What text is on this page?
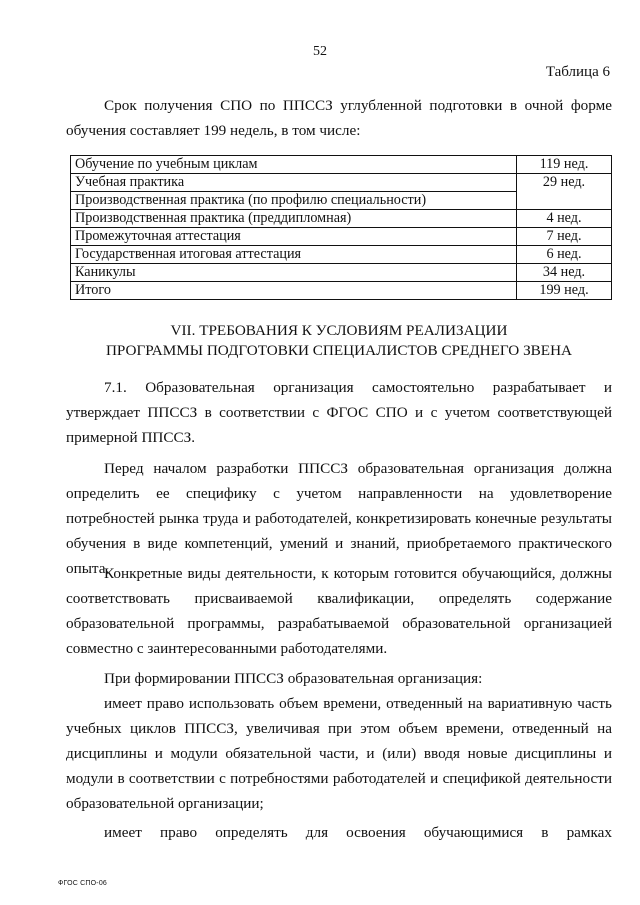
52
Таблица 6

Срок получения СПО по ППССЗ углубленной подготовки в очной форме обучения составляет 199 недель, в том числе:

Обучение по учебным циклам	119 нед.
Учебная практика	29 нед.
Производственная практика (по профилю специальности)	
Производственная практика (преддипломная)	4 нед.
Промежуточная аттестация	7 нед.
Государственная итоговая аттестация	6 нед.
Каникулы	34 нед.
Итого	199 нед.
VII. ТРЕБОВАНИЯ К УСЛОВИЯМ РЕАЛИЗАЦИИ
ПРОГРАММЫ ПОДГОТОВКИ СПЕЦИАЛИСТОВ СРЕДНЕГО ЗВЕНА

7.1. Образовательная организация самостоятельно разрабатывает и утверждает ППССЗ в соответствии с ФГОС СПО и с учетом соответствующей примерной ППССЗ.

Перед началом разработки ППССЗ образовательная организация должна определить ее специфику с учетом направленности на удовлетворение потребностей рынка труда и работодателей, конкретизировать конечные результаты обучения в виде компетенций, умений и знаний, приобретаемого практического опыта.

Конкретные виды деятельности, к которым готовится обучающийся, должны соответствовать присваиваемой квалификации, определять содержание образовательной программы, разрабатываемой образовательной организацией совместно с заинтересованными работодателями.

При формировании ППССЗ образовательная организация:

имеет право использовать объем времени, отведенный на вариативную часть учебных циклов ППССЗ, увеличивая при этом объем времени, отведенный на дисциплины и модули обязательной части, и (или) вводя новые дисциплины и модули в соответствии с потребностями работодателей и спецификой деятельности образовательной организации;

имеет право определять для освоения обучающимися в рамках

ФГОС СПО-06
